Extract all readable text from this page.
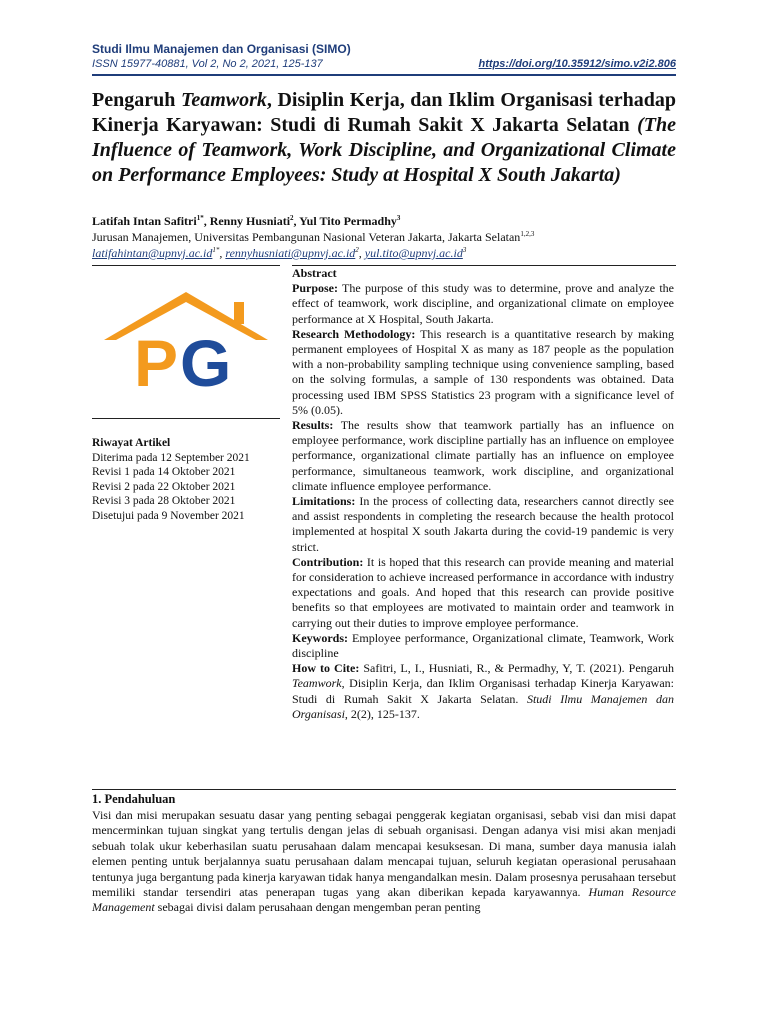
Studi Ilmu Manajemen dan Organisasi (SIMO)
ISSN 15977-40881, Vol 2, No 2, 2021, 125-137	https://doi.org/10.35912/simo.v2i2.806
Pengaruh Teamwork, Disiplin Kerja, dan Iklim Organisasi terhadap Kinerja Karyawan: Studi di Rumah Sakit X Jakarta Selatan (The Influence of Teamwork, Work Discipline, and Organizational Climate on Performance Employees: Study at Hospital X South Jakarta)
Latifah Intan Safitri$^{1*}$, Renny Husniati$^2$, Yul Tito Permadhy$^3$
Jurusan Manajemen, Universitas Pembangunan Nasional Veteran Jakarta, Jakarta Selatan$^{1,2,3}$
$latifahintan@upnvj.ac.id^{1*}$, $rennyhusniati@upnvj.ac.id^2$, $yul.tito@upnvj.ac.id^3$
P G
Riwayat Artikel
Diterima pada 12 September 2021
Revisi 1 pada 14 Oktober 2021
Revisi 2 pada 22 Oktober 2021
Revisi 3 pada 28 Oktober 2021
Disetujui pada 9 November 2021

Abstract

Purpose: The purpose of this study was to determine, prove and analyze the effect of teamwork, work discipline, and organizational climate on employee performance at X Hospital, South Jakarta.

Research Methodology: This research is a quantitative research by making permanent employees of Hospital X as many as 187 people as the population with a non-probability sampling technique using convenience sampling, based on the solving formulas, a sample of 130 respondents was obtained. Data processing used IBM SPSS Statistics 23 program with a significance level of 5% (0.05).

Results: The results show that teamwork partially has an influence on employee performance, work discipline partially has an influence on employee performance, organizational climate partially has an influence on employee performance, simultaneous teamwork, work discipline, and organizational climate influence employee performance.

Limitations: In the process of collecting data, researchers cannot directly see and assist respondents in completing the research because the health protocol implemented at hospital X south Jakarta during the covid-19 pandemic is very strict.

Contribution: It is hoped that this research can provide meaning and material for consideration to achieve increased performance in accordance with industry expectations and goals. And hoped that this research can provide positive benefits so that employees are motivated to maintain order and teamwork in carrying out their duties to improve employee performance.

Keywords: Employee performance, Organizational climate, Teamwork, Work discipline

How to Cite: Safitri, L, I., Husniati, R., & Permadhy, Y, T. (2021). Pengaruh Teamwork, Disiplin Kerja, dan Iklim Organisasi terhadap Kinerja Karyawan: Studi di Rumah Sakit X Jakarta Selatan. Studi Ilmu Manajemen dan Organisasi, 2(2), 125-137.

1. Pendahuluan
Visi dan misi merupakan sesuatu dasar yang penting sebagai penggerak kegiatan organisasi, sebab visi dan misi dapat mencerminkan tujuan singkat yang tertulis dengan jelas di sebuah organisasi. Dengan adanya visi misi akan menjadi sebuah tolak ukur keberhasilan suatu perusahaan dalam mencapai kesuksesan. Di mana, sumber daya manusia ialah elemen penting untuk berjalannya suatu perusahaan dalam mencapai tujuan, seluruh kegiatan operasional perusahaan tentunya juga bergantung pada kinerja karyawan tidak hanya mengandalkan mesin. Dalam prosesnya perusahaan tersebut memiliki standar tersendiri atas penerapan tugas yang akan diberikan kepada karyawannya. Human Resource Management sebagai divisi dalam perusahaan dengan mengemban peran penting
